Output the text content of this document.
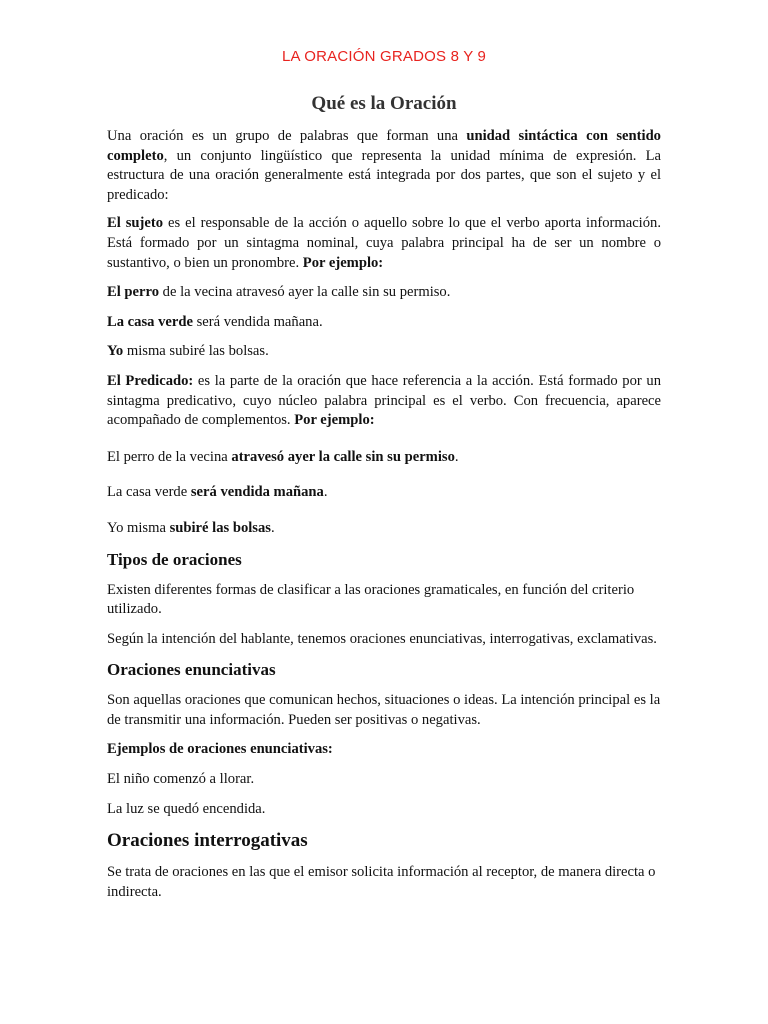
LA ORACIÓN GRADOS 8 Y 9
Qué es la Oración

Una oración es un grupo de palabras que forman una unidad sintáctica con sentido completo, un conjunto lingüístico que representa la unidad mínima de expresión. La estructura de una oración generalmente está integrada por dos partes, que son el sujeto y el predicado:

El sujeto es el responsable de la acción o aquello sobre lo que el verbo aporta información. Está formado por un sintagma nominal, cuya palabra principal ha de ser un nombre o sustantivo, o bien un pronombre. Por ejemplo:

El perro de la vecina atravesó ayer la calle sin su permiso.

La casa verde será vendida mañana.

Yo misma subiré las bolsas.

El Predicado: es la parte de la oración que hace referencia a la acción. Está formado por un sintagma predicativo, cuyo núcleo palabra principal es el verbo. Con frecuencia, aparece acompañado de complementos. Por ejemplo:

El perro de la vecina atravesó ayer la calle sin su permiso.

La casa verde será vendida mañana.

Yo misma subiré las bolsas.

Tipos de oraciones

Existen diferentes formas de clasificar a las oraciones gramaticales, en función del criterio utilizado.

Según la intención del hablante, tenemos oraciones enunciativas, interrogativas, exclamativas.

Oraciones enunciativas

Son aquellas oraciones que comunican hechos, situaciones o ideas. La intención principal es la de transmitir una información. Pueden ser positivas o negativas.

Ejemplos de oraciones enunciativas:

El niño comenzó a llorar.

La luz se quedó encendida.

Oraciones interrogativas

Se trata de oraciones en las que el emisor solicita información al receptor, de manera directa o indirecta.
